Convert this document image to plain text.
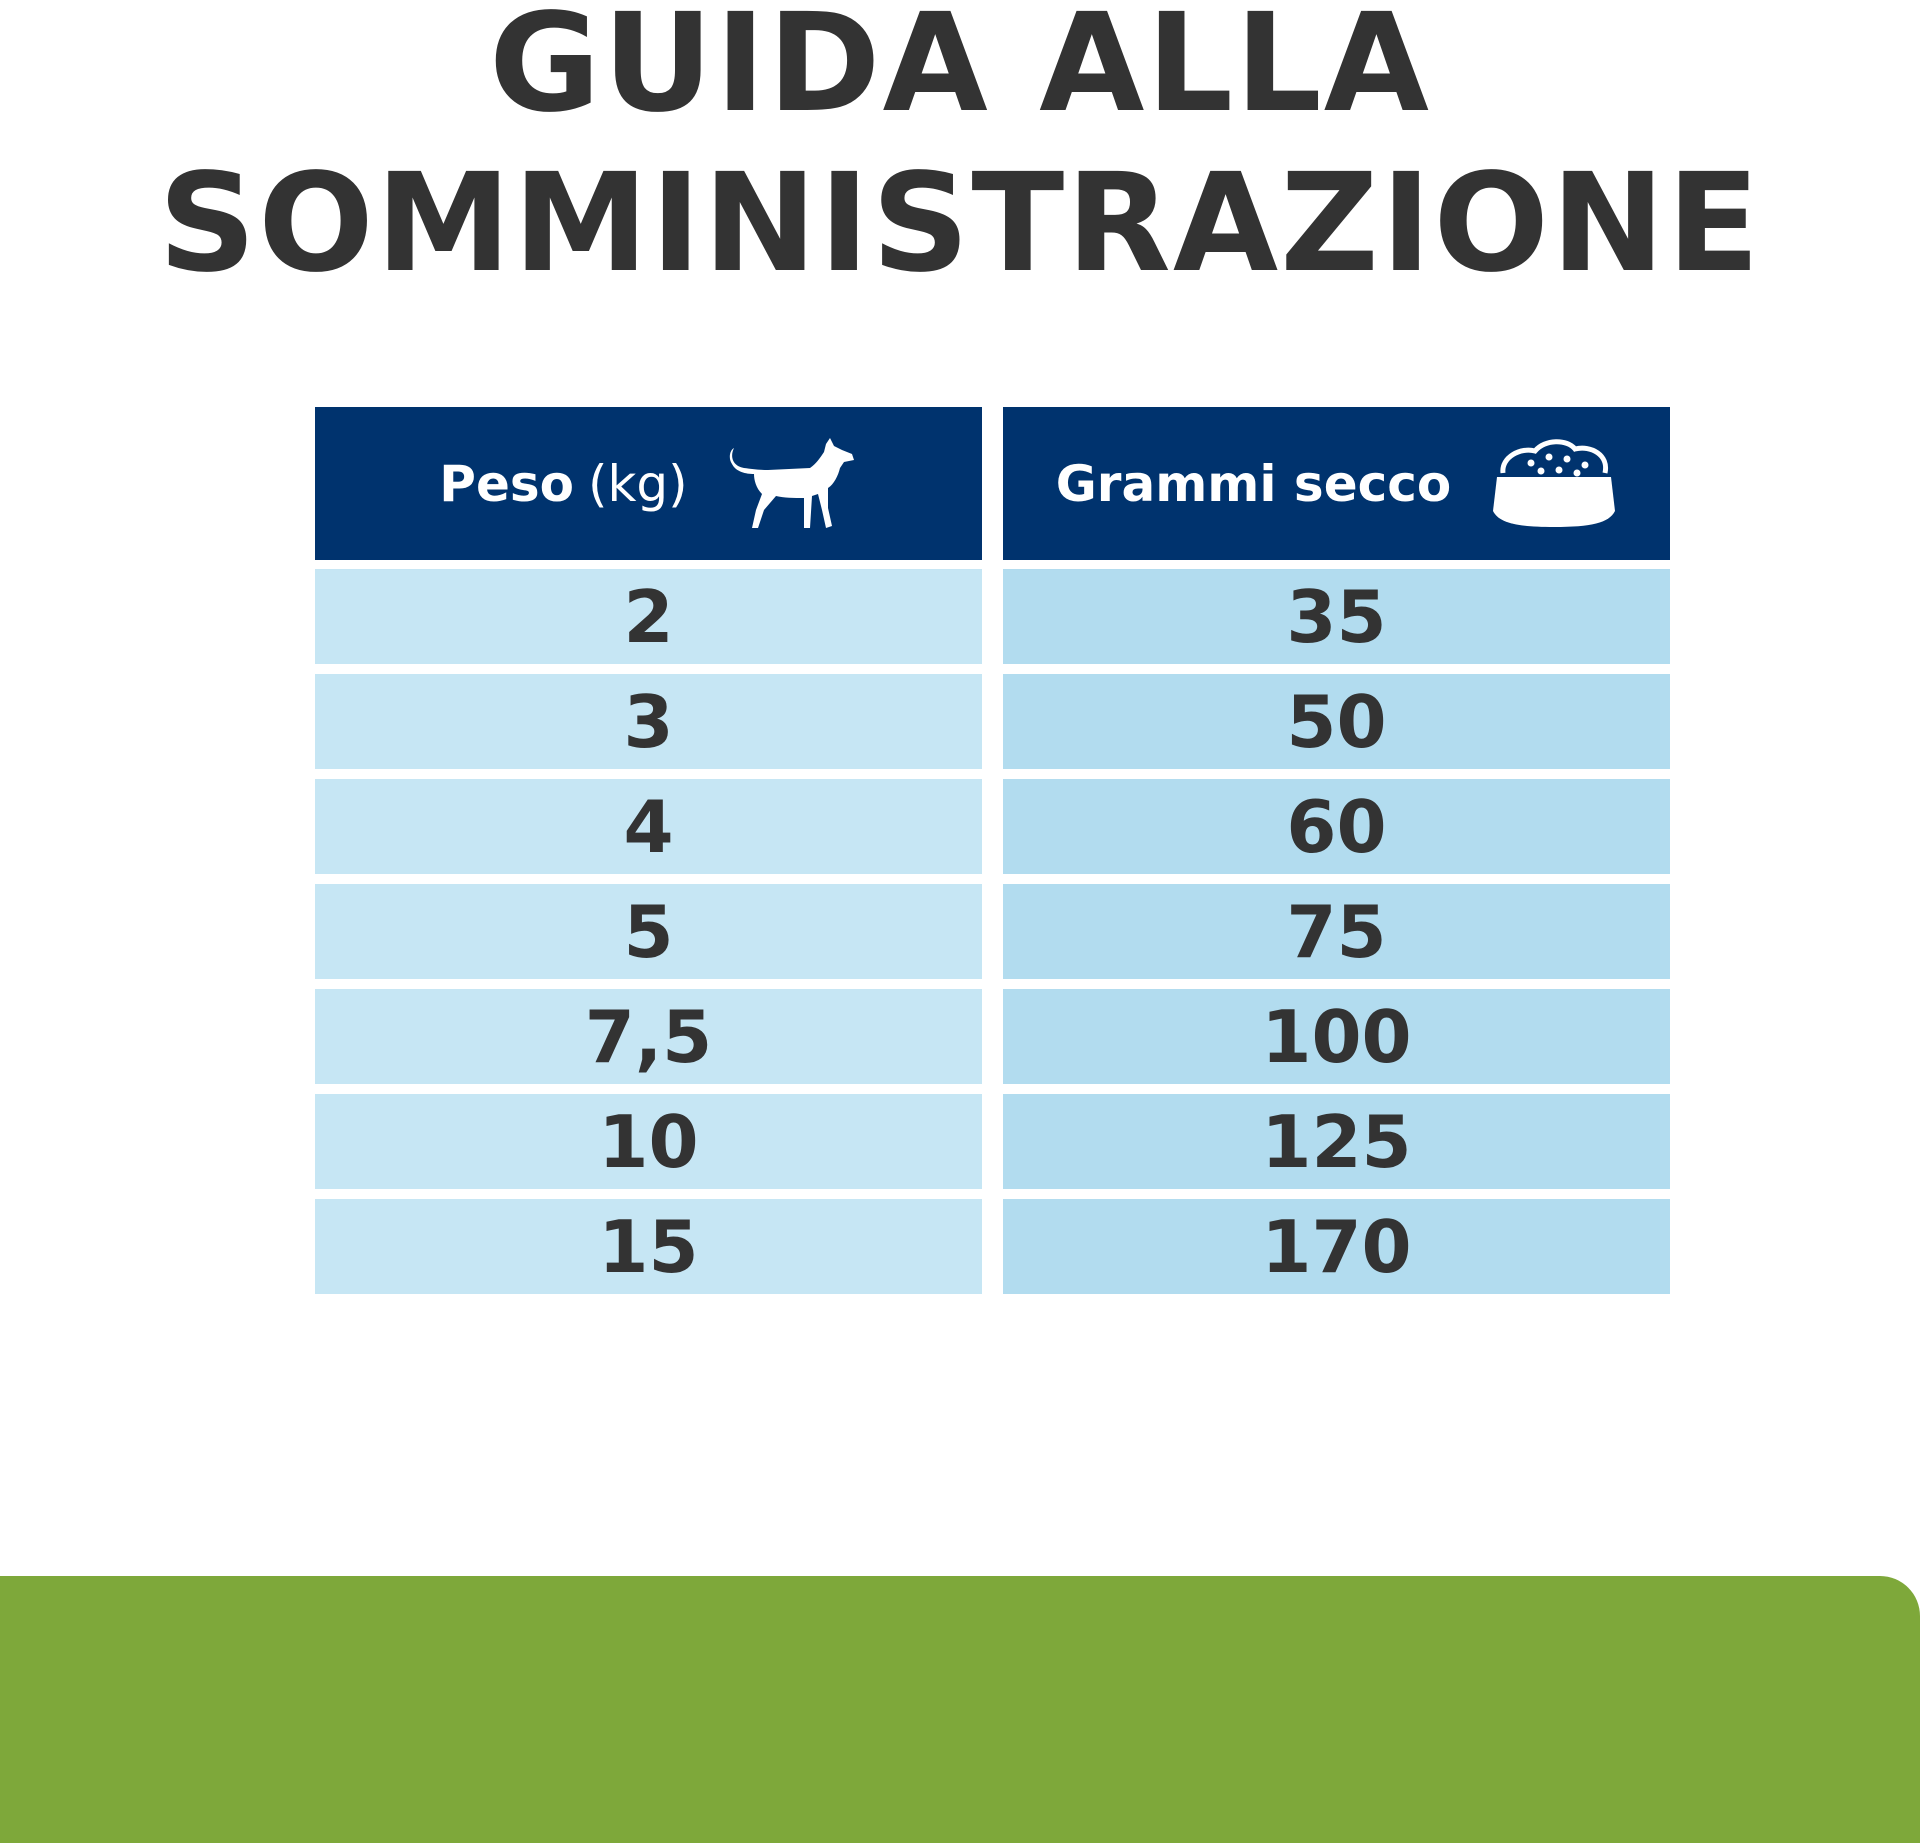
GUIDA ALLA
SOMMINISTRAZIONE
Peso (kg)	Grammi secco
2	35
3	50
4	60
5	75
7,5	100
10	125
15	170
